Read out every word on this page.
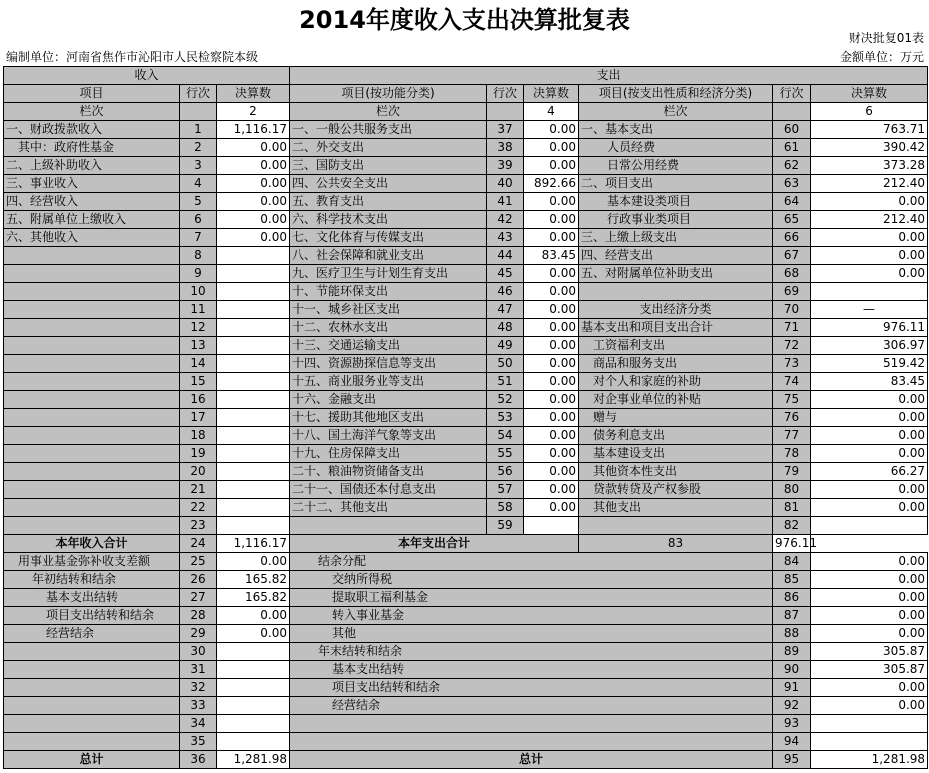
2014年度收入支出决算批复表
财决批复01表
编制单位：河南省焦作市沁阳市人民检察院本级	金额单位：万元
收入			支出					
项目	行次	决算数	项目(按功能分类)	行次	决算数	项目(按支出性质和经济分类)	行次	决算数
栏次		2	栏次		4	栏次		6
一、财政拨款收入	1	1,116.17	一、一般公共服务支出	37	0.00	一、基本支出	60	763.71
其中：政府性基金	2	0.00	二、外交支出	38	0.00	人员经费	61	390.42
二、上级补助收入	3	0.00	三、国防支出	39	0.00	日常公用经费	62	373.28
三、事业收入	4	0.00	四、公共安全支出	40	892.66	二、项目支出	63	212.40
四、经营收入	5	0.00	五、教育支出	41	0.00	基本建设类项目	64	0.00
五、附属单位上缴收入	6	0.00	六、科学技术支出	42	0.00	行政事业类项目	65	212.40
六、其他收入	7	0.00	七、文化体育与传媒支出	43	0.00	三、上缴上级支出	66	0.00
	8		八、社会保障和就业支出	44	83.45	四、经营支出	67	0.00
	9		九、医疗卫生与计划生育支出	45	0.00	五、对附属单位补助支出	68	0.00
	10		十、节能环保支出	46	0.00		69	
	11		十一、城乡社区支出	47	0.00	支出经济分类	70	—
	12		十二、农林水支出	48	0.00	基本支出和项目支出合计	71	976.11
	13		十三、交通运输支出	49	0.00	工资福利支出	72	306.97
	14		十四、资源勘探信息等支出	50	0.00	商品和服务支出	73	519.42
	15		十五、商业服务业等支出	51	0.00	对个人和家庭的补助	74	83.45
	16		十六、金融支出	52	0.00	对企事业单位的补贴	75	0.00
	17		十七、援助其他地区支出	53	0.00	赠与	76	0.00
	18		十八、国土海洋气象等支出	54	0.00	债务利息支出	77	0.00
	19		十九、住房保障支出	55	0.00	基本建设支出	78	0.00
	20		二十、粮油物资储备支出	56	0.00	其他资本性支出	79	66.27
	21		二十一、国债还本付息支出	57	0.00	贷款转贷及产权参股	80	0.00
	22		二十二、其他支出	58	0.00	其他支出	81	0.00
	23			59			82	
本年收入合计	24	1,116.17	本年支出合计			83	976.11	
用事业基金弥补收支差额	25	0.00	结余分配				84	0.00
年初结转和结余	26	165.82	交纳所得税				85	0.00
基本支出结转	27	165.82	提取职工福利基金				86	0.00
项目支出结转和结余	28	0.00	转入事业基金				87	0.00
经营结余	29	0.00	其他				88	0.00
	30		年末结转和结余				89	305.87
	31		基本支出结转				90	305.87
	32		项目支出结转和结余				91	0.00
	33		经营结余				92	0.00
	34						93	
	35						94	
总计	36	1,281.98	总计				95	1,281.98
